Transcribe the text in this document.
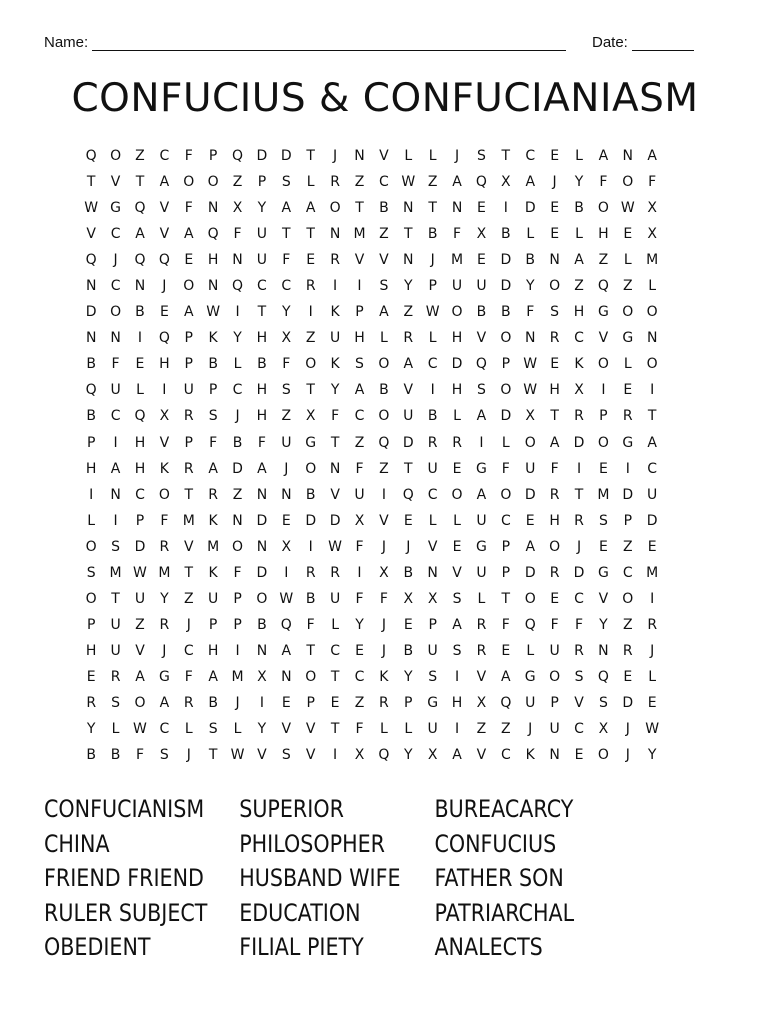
Name:	Date:
CONFUCIUS & CONFUCIANIASM
Q O	Z	C	F	P	Q D D	T	J	N	V	L	L	J	S	T	C	E	L	A	N	A
T	V	T	A	O O	Z	P	S	L	R	Z	C W Z	A	Q	X	A	J	Y	F	O	F
W G Q	V	F	N	X	Y	A	A	O	T	B	N	T	N	E	I	D	E	B	O W X
V	C	A	V	A	Q	F	U	T	T	N M Z	T	B	F	X	B	L	E	L	H	E	X
Q	J	Q Q	E	H N	U	F	E	R	V	V	N	J	M E	D	B	N	A	Z	L	M
N	C	N	J	O N Q C	C	R	I	I	S	Y	P	U	U D	Y	O	Z	Q	Z	L
D O	B	E	A W	I	T	Y	I	K	P	A	Z W O	B	B	F	S	H G O O
N N	I	Q	P	K	Y	H	X	Z	U	H	L	R	L	H	V	O N	R	C	V	G N
B	F	E	H	P	B	L	B	F	O	K	S	O	A	C	D Q	P W E	K	O	L	O
Q U	L	I	U	P	C	H	S	T	Y	A	B	V	I	H	S	O W H	X	I	E	I
B	C Q	X	R	S	J	H	Z	X	F	C O U	B	L	A	D	X	T	R	P	R	T
P	I	H	V	P	F	B	F	U G	T	Z	Q D	R	R	I	L	O	A	D O G	A
H	A	H	K	R	A	D	A	J	O N	F	Z	T	U	E	G	F	U	F	I	E	I	C
I	N	C O	T	R	Z	N N	B	V	U	I	Q C O	A	O D	R	T	M D U
L	I	P	F	M K	N D	E	D D	X	V	E	L	L	U	C	E	H	R	S	P	D
O	S	D	R	V M O N	X	I	W F	J	J	V	E	G	P	A	O	J	E	Z	E
S M W M	T	K	F	D	I	R	R	I	X	B	N	V	U	P	D	R	D G	C M
O	T	U	Y	Z	U	P	O W B	U	F	F	X	X	S	L	T	O	E	C	V	O	I
P	U	Z	R	J	P	P	B	Q	F	L	Y	J	E	P	A	R	F	Q	F	F	Y	Z	R
H	U	V	J	C	H	I	N	A	T	C	E	J	B	U	S	R	E	L	U	R	N	R	J
E	R	A	G	F	A M X	N O	T	C	K	Y	S	I	V	A	G O	S	Q	E	L
R	S	O	A	R	B	J	I	E	P	E	Z	R	P	G H	X	Q U	P	V	S	D	E
Y	L W C	L	S	L	Y	V	V	T	F	L	L	U	I	Z	Z	J	U	C	X	J	W
B	B	F	S	J	T W V	S	V	I	X	Q	Y	X	A	V	C	K	N	E	O	J	Y
CONFUCIANISM	SUPERIOR	BUREACARCY
CHINA	PHILOSOPHER	CONFUCIUS
FRIEND FRIEND	HUSBAND WIFE	FATHER SON
RULER SUBJECT	EDUCATION	PATRIARCHAL
OBEDIENT	FILIAL PIETY	ANALECTS
